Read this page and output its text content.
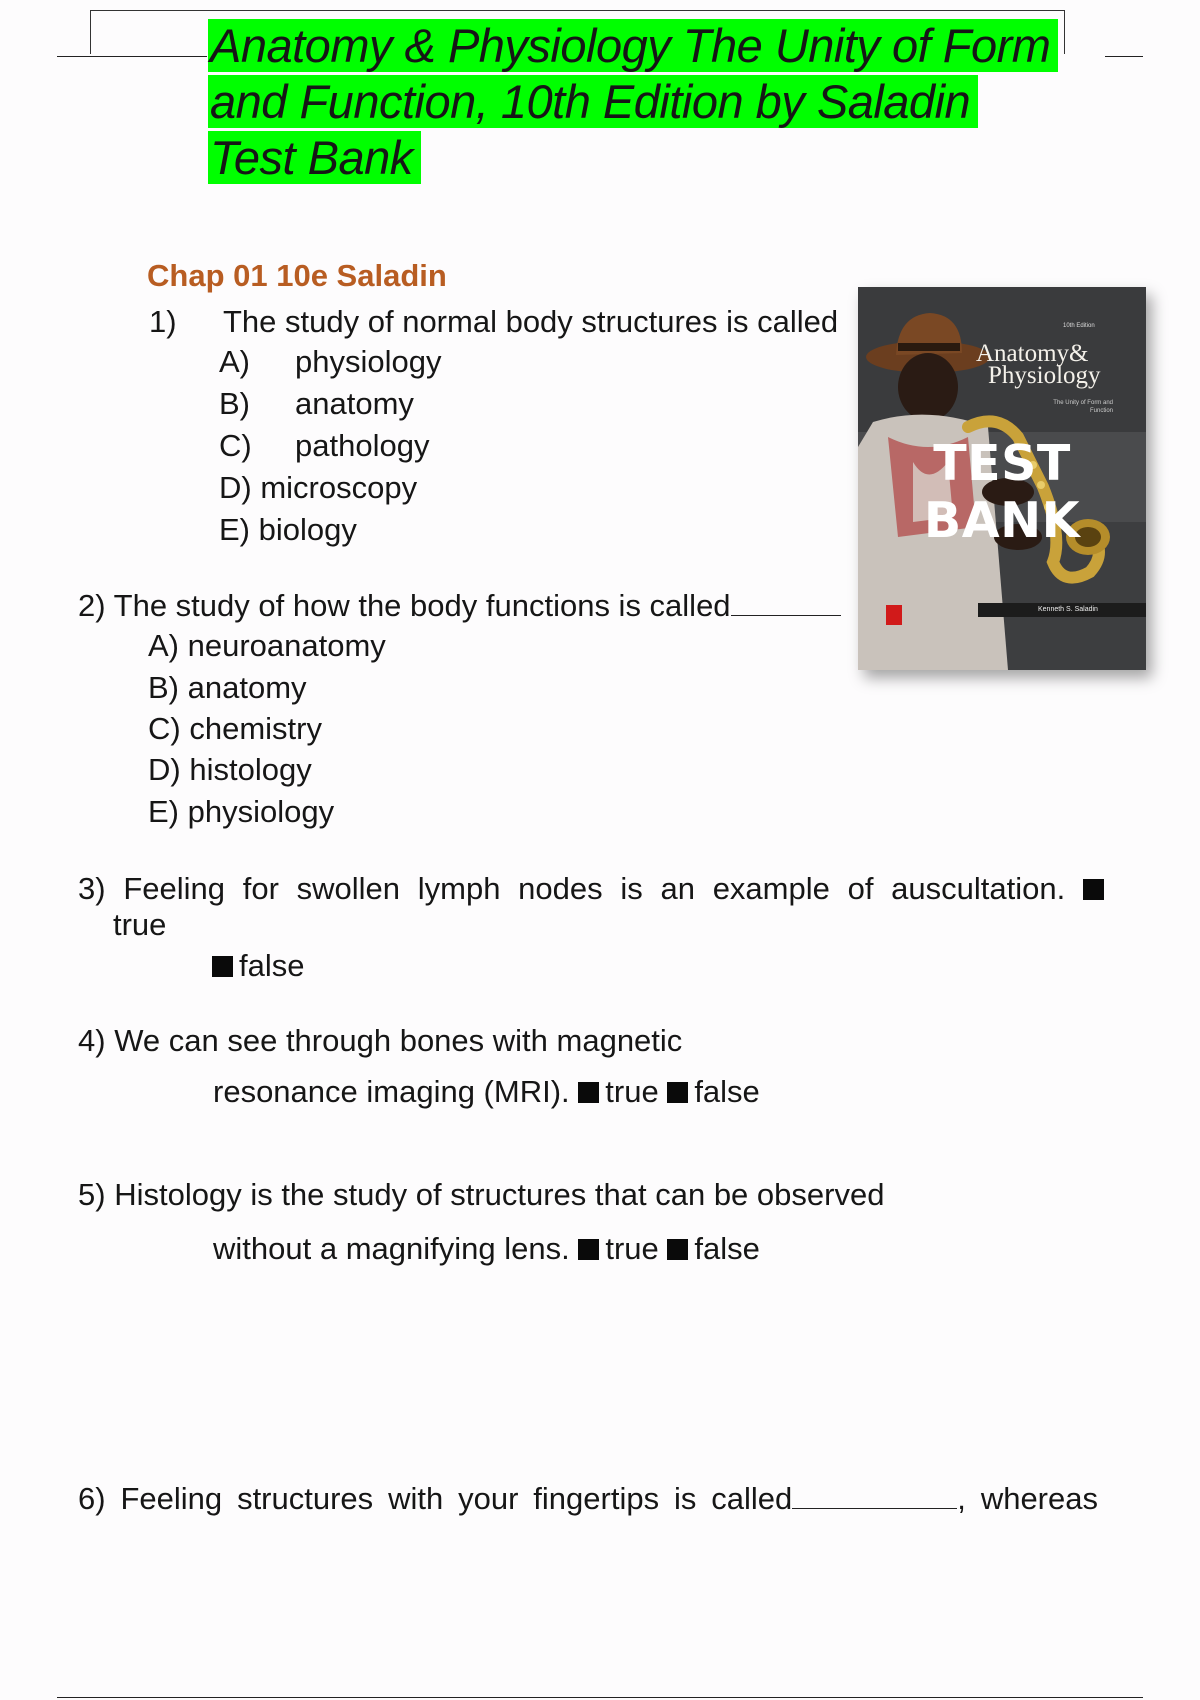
Anatomy & Physiology The Unity of Form
and Function, 10th Edition by Saladin
Test Bank
Chap 01 10e Saladin
1) The study of normal body structures is called
A) physiology
B) anatomy
C) pathology
D) microscopy
E) biology
2) The study of how the body functions is called
A) neuroanatomy
B) anatomy
C) chemistry
D) histology
E) physiology
10th Edition
Anatomy&
Physiology
The Unity of Form and Function
TEST BANK
Kenneth S. Saladin
3) Feeling for swollen lymph nodes is an example of auscultation.
true
false
4) We can see through bones with magnetic
resonance imaging (MRI). true false
5) Histology is the study of structures that can be observed
without a magnifying lens. true false
6) Feeling structures with your fingertips is called	, whereas
